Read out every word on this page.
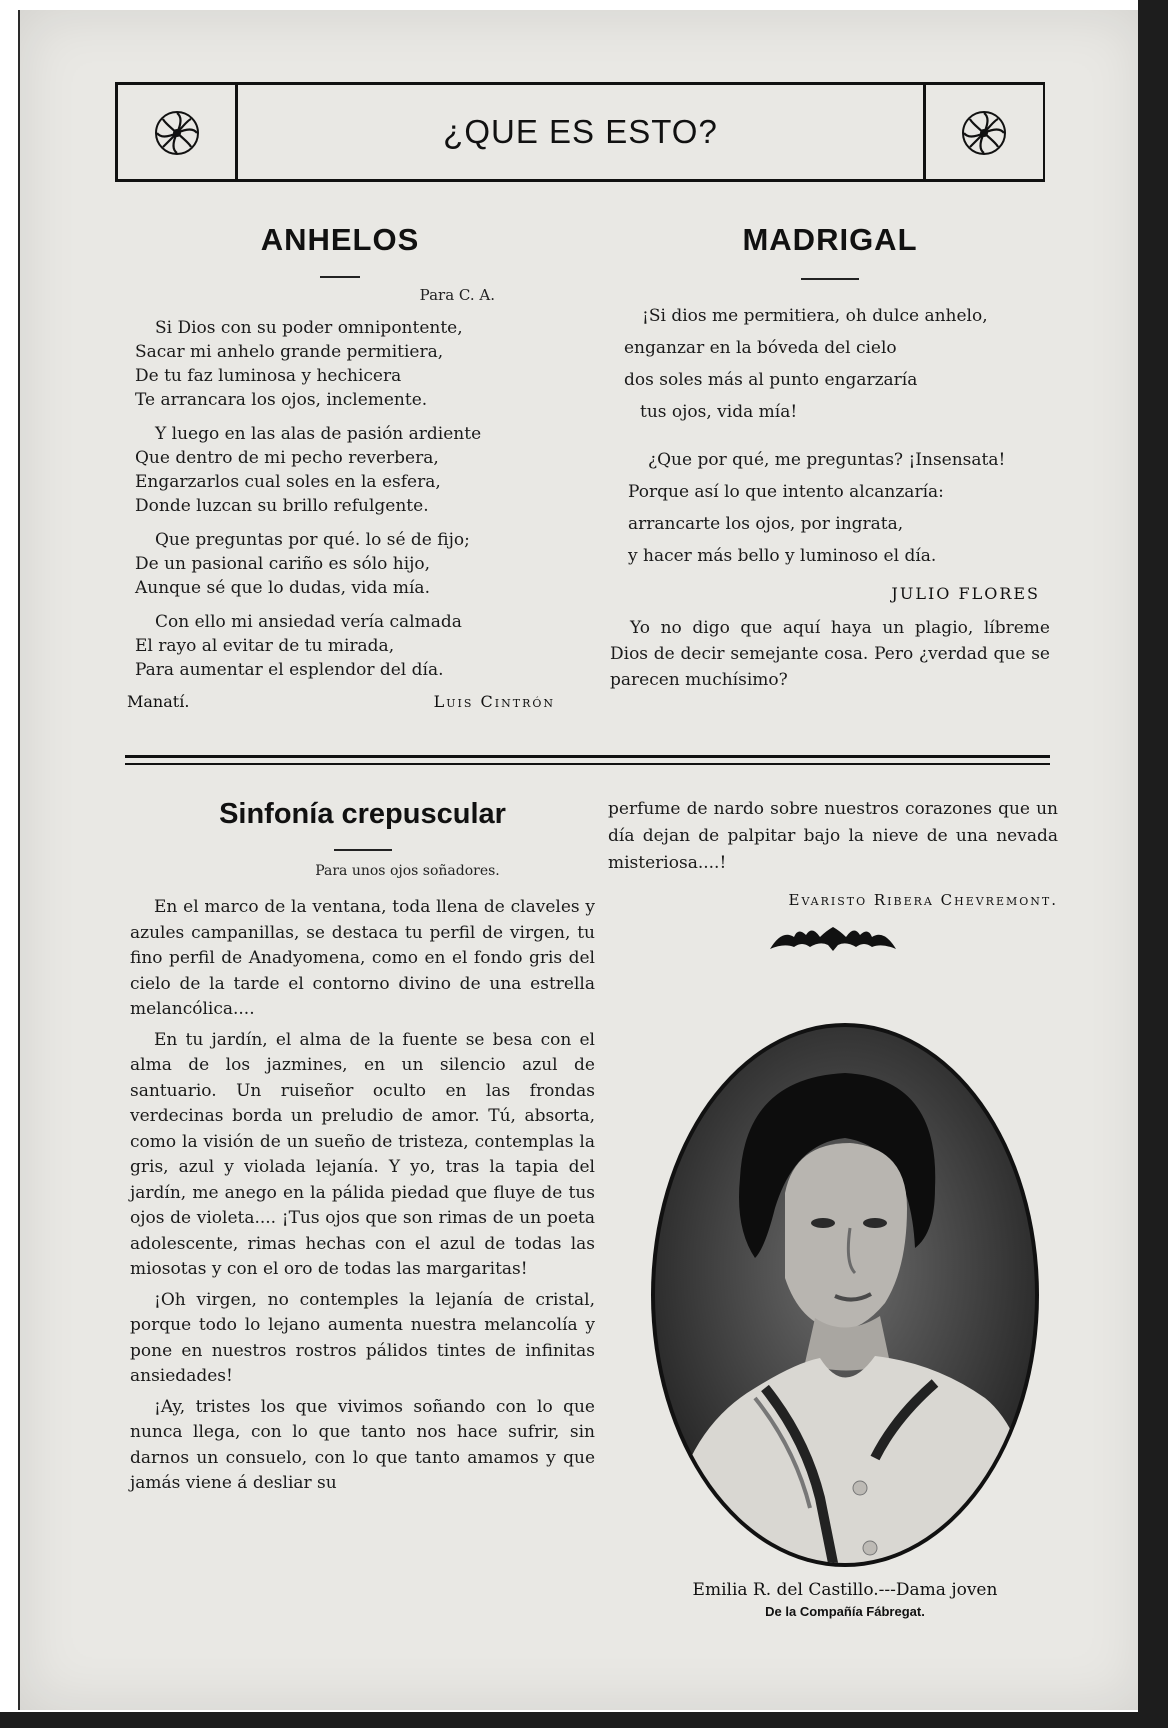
¿QUE ES ESTO?
ANHELOS
Para C. A.
Si Dios con su poder omnipontente,
Sacar mi anhelo grande permitiera,
De tu faz luminosa y hechicera
Te arrancara los ojos, inclemente.
Y luego en las alas de pasión ardiente
Que dentro de mi pecho reverbera,
Engarzarlos cual soles en la esfera,
Donde luzcan su brillo refulgente.
Que preguntas por qué. lo sé de fijo;
De un pasional cariño es sólo hijo,
Aunque sé que lo dudas, vida mía.
Con ello mi ansiedad vería calmada
El rayo al evitar de tu mirada,
Para aumentar el esplendor del día.
Manatí.	Luis Cintrón
MADRIGAL
¡Si dios me permitiera, oh dulce anhelo,
enganzar en la bóveda del cielo
dos soles más al punto engarzaría
tus ojos, vida mía!
¿Que por qué, me preguntas? ¡Insensata!
Porque así lo que intento alcanzaría:
arrancarte los ojos, por ingrata,
y hacer más bello y luminoso el día.
JULIO FLORES
Yo no digo que aquí haya un plagio, líbreme Dios de decir semejante cosa. Pero ¿verdad que se parecen muchísimo?
Sinfonía crepuscular
Para unos ojos soñadores.

En el marco de la ventana, toda llena de claveles y azules campanillas, se destaca tu perfil de virgen, tu fino perfil de Anadyomena, como en el fondo gris del cielo de la tarde el contorno divino de una estrella melancólica....

En tu jardín, el alma de la fuente se besa con el alma de los jazmines, en un silencio azul de santuario. Un ruiseñor oculto en las frondas verdecinas borda un preludio de amor. Tú, absorta, como la visión de un sueño de tristeza, contemplas la gris, azul y violada lejanía. Y yo, tras la tapia del jardín, me anego en la pálida piedad que fluye de tus ojos de violeta.... ¡Tus ojos que son rimas de un poeta adolescente, rimas hechas con el azul de todas las miosotas y con el oro de todas las margaritas!

¡Oh virgen, no contemples la lejanía de cristal, porque todo lo lejano aumenta nuestra melancolía y pone en nuestros rostros pálidos tintes de infinitas ansiedades!

¡Ay, tristes los que vivimos soñando con lo que nunca llega, con lo que tanto nos hace sufrir, sin darnos un consuelo, con lo que tanto amamos y que jamás viene á desliar su

perfume de nardo sobre nuestros corazones que un día dejan de palpitar bajo la nieve de una nevada misteriosa....!
Evaristo Ribera Chevremont.
Emilia R. del Castillo.---Dama joven
De la Compañía Fábregat.
